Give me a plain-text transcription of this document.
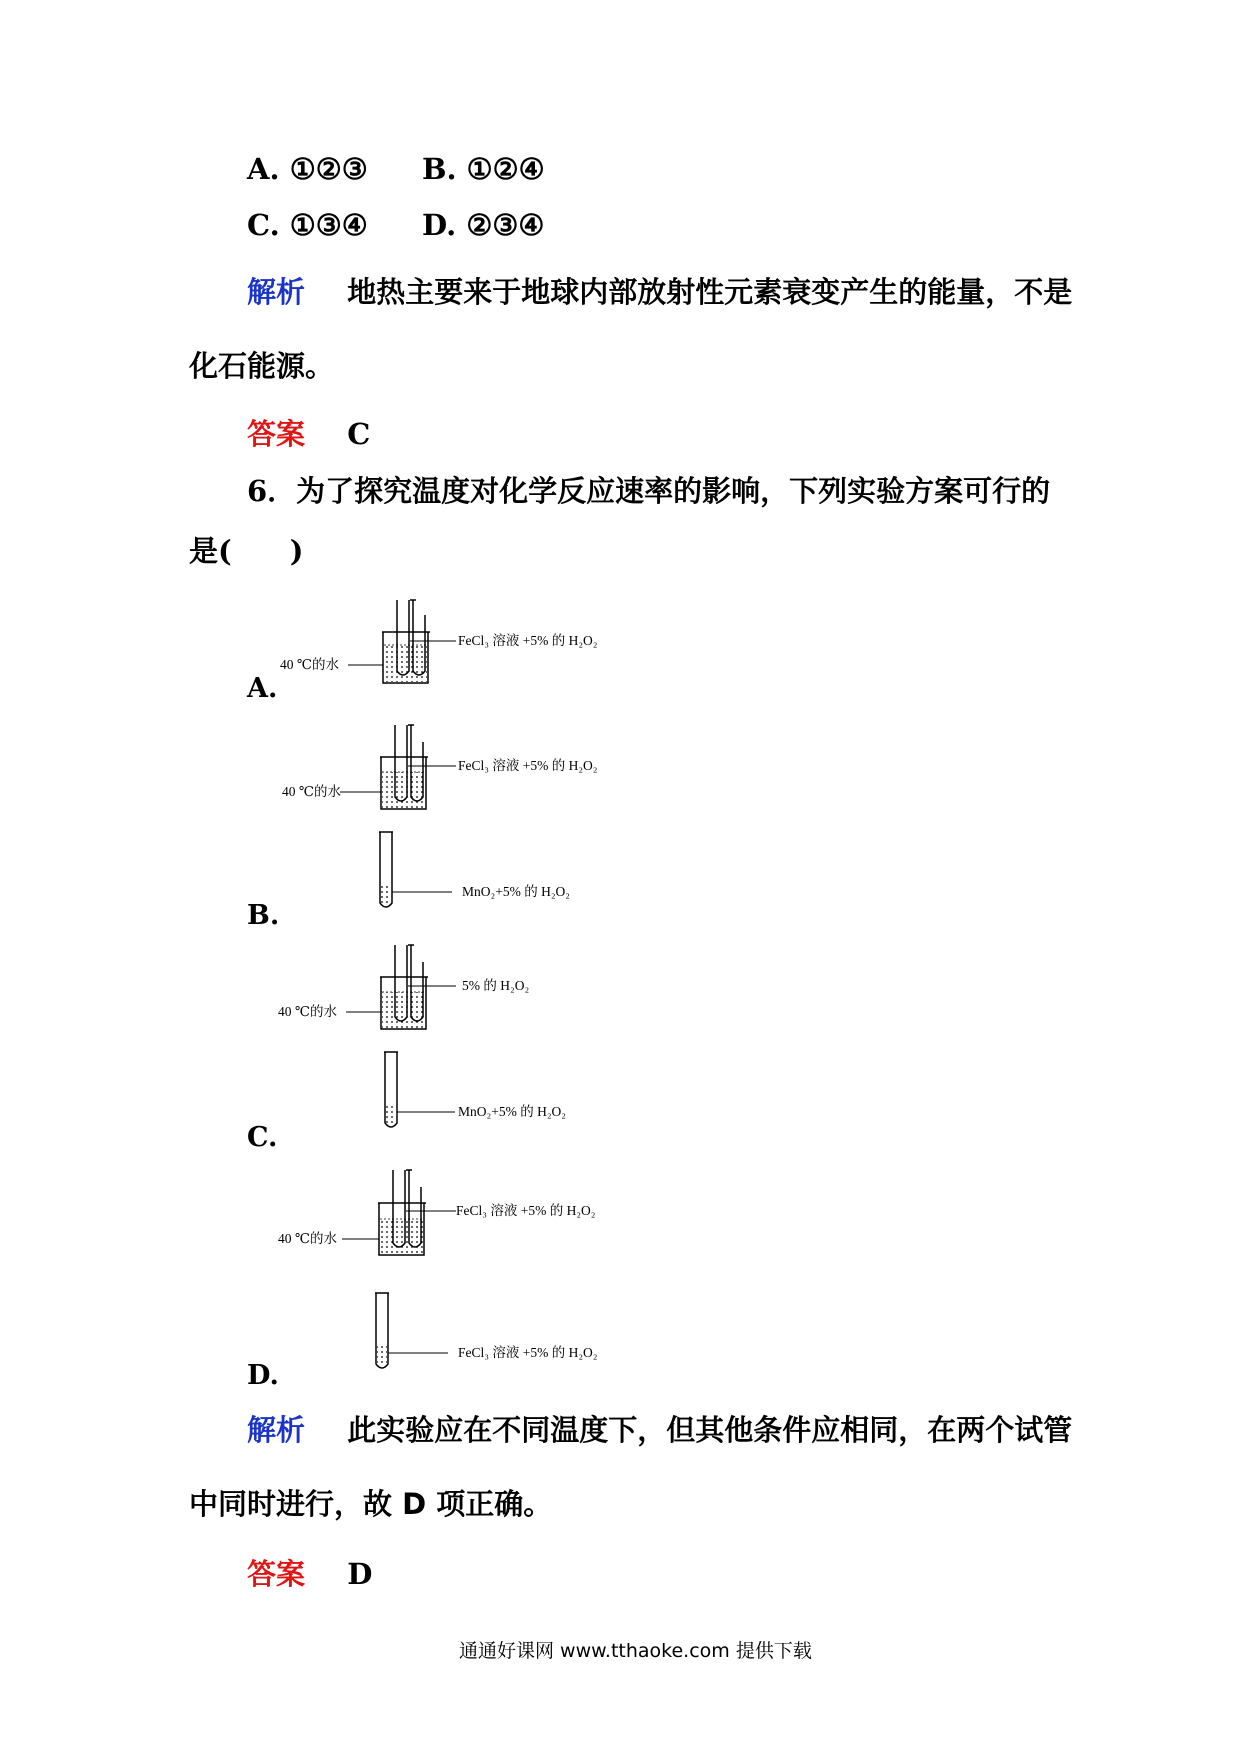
A. ①②③ B. ①②④
C. ①③④ D. ②③④
解析 地热主要来于地球内部放射性元素衰变产生的能量，不是
化石能源。
答案 C
6．为了探究温度对化学反应速率的影响，下列实验方案可行的
是(　　)
A.
40 ℃的水
FeCl₃ 溶液 +5% 的 H₂O₂
B.
40 ℃的水
FeCl₃ 溶液 +5% 的 H₂O₂
MnO₂+5% 的 H₂O₂
C.
40 ℃的水
5% 的 H₂O₂
MnO₂+5% 的 H₂O₂
D.
40 ℃的水
FeCl₃ 溶液 +5% 的 H₂O₂
FeCl₃ 溶液 +5% 的 H₂O₂
解析 此实验应在不同温度下，但其他条件应相同，在两个试管
中同时进行，故 D 项正确。
答案 D
通通好课网 www.tthaoke.com 提供下载
